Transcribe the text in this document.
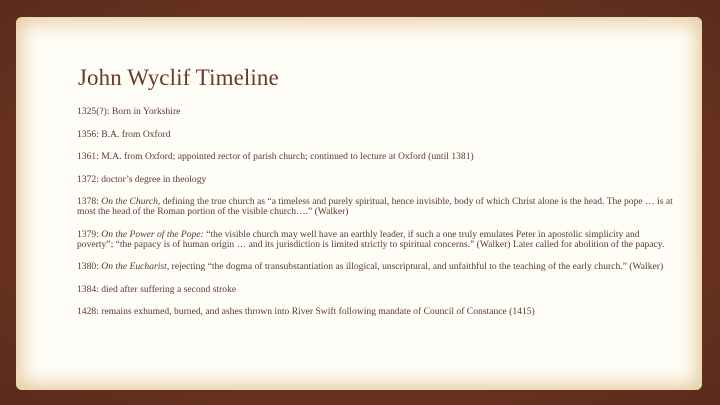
John Wyclif Timeline

1325(?): Born in Yorkshire

1356: B.A. from Oxford

1361: M.A. from Oxford; appointed rector of parish church; continued to lecture at Oxford (until 1381)

1372: doctor’s degree in theology

1378: On the Church, defining the true church as “a timeless and purely spiritual, hence invisible, body of which Christ alone is the head. The pope … is at most the head of the Roman portion of the visible church….” (Walker)

1379: On the Power of the Pope: “the visible church may well have an earthly leader, if such a one truly emulates Peter in apostolic simplicity and poverty”; “the papacy is of human origin … and its jurisdiction is limited strictly to spiritual concerns.” (Walker) Later called for abolition of the papacy.

1380: On the Eucharist, rejecting “the dogma of transubstantiation as illogical, unscriptural, and unfaithful to the teaching of the early church.” (Walker)

1384: died after suffering a second stroke

1428: remains exhumed, burned, and ashes thrown into River Swift following mandate of Council of Constance (1415)
